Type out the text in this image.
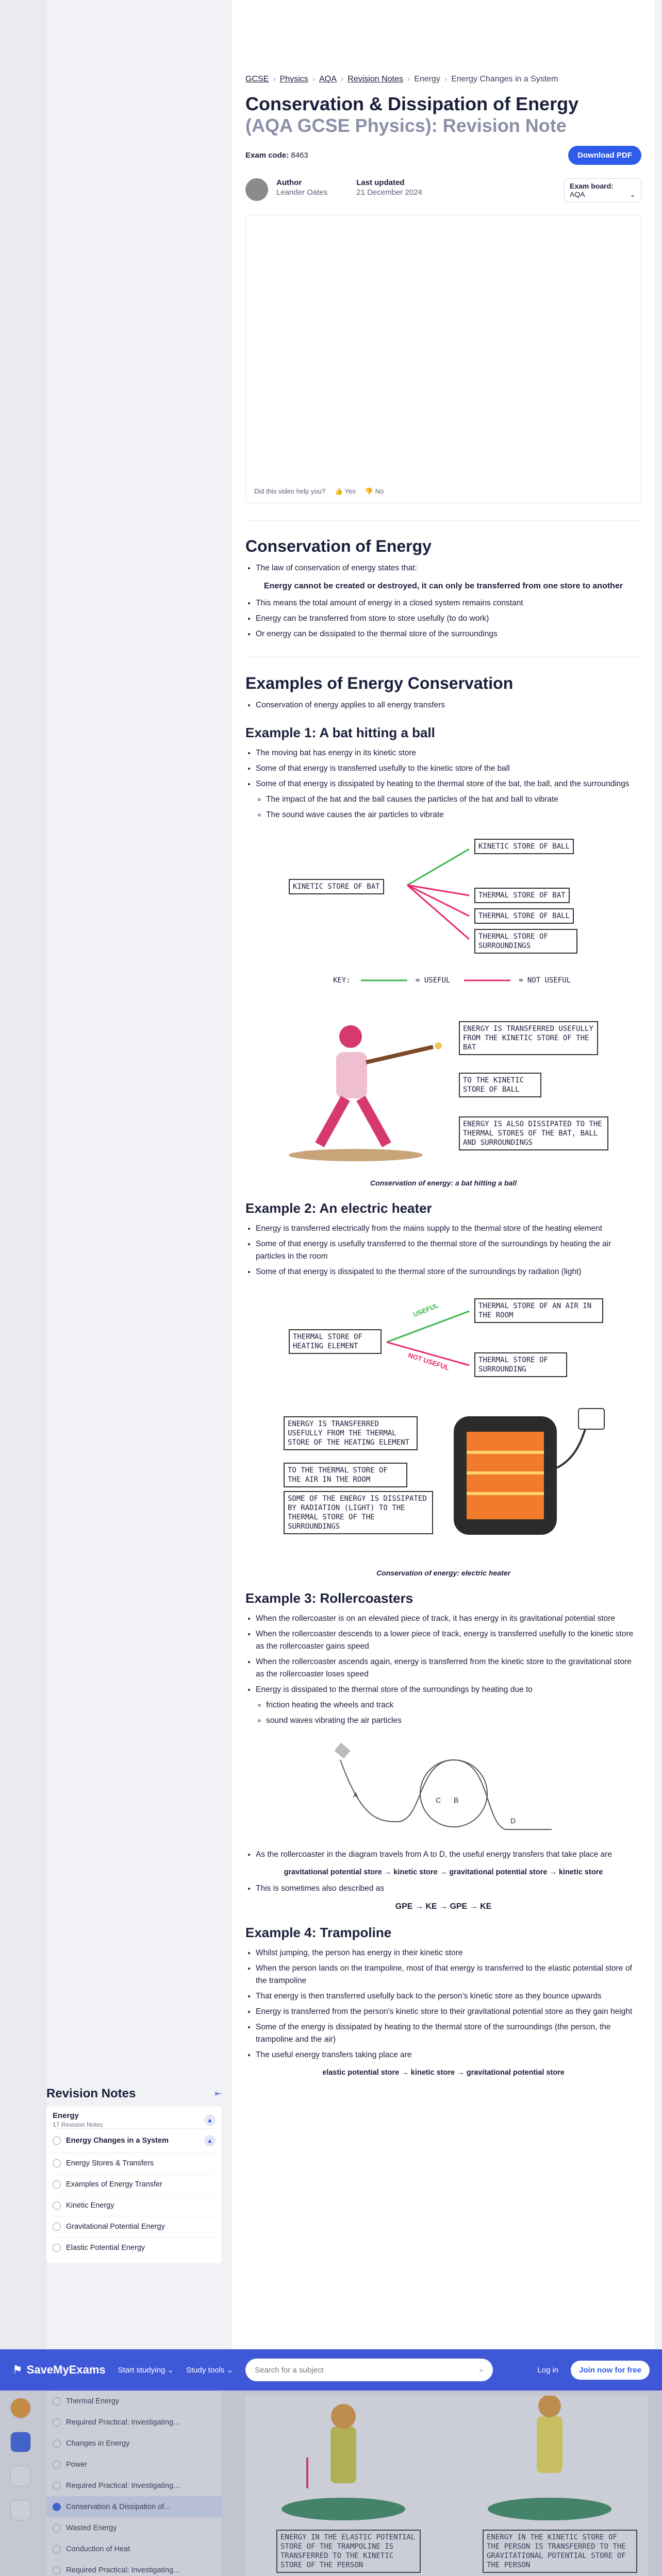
Revision Notes	⇤
Energy
17 Revision Notes
▲
Energy Changes in a System	▲
Energy Stores & Transfers
Examples of Energy Transfer
Kinetic Energy
Gravitational Potential Energy
Elastic Potential Energy
GCSE › Physics › AQA › Revision Notes › Energy › Energy Changes in a System
Conservation & Dissipation of Energy
(AQA GCSE Physics): Revision Note
Exam code: 8463	Download PDF
Author
Leander Oates
Last updated
21 December 2024
Exam board:
AQA	⌄
Did this video help you? 👍 Yes 👎 No
Conservation of Energy
• The law of conservation of energy states that:
Energy cannot be created or destroyed, it can only be transferred from one store to another
• This means the total amount of energy in a closed system remains constant
• Energy can be transferred from store to store usefully (to do work)
• Or energy can be dissipated to the thermal store of the surroundings
Examples of Energy Conservation
• Conservation of energy applies to all energy transfers
Example 1: A bat hitting a ball
• The moving bat has energy in its kinetic store
• Some of that energy is transferred usefully to the kinetic store of the ball
• Some of that energy is dissipated by heating to the thermal store of the bat, the ball, and the surroundings
◦ The impact of the bat and the ball causes the particles of the bat and ball to vibrate
◦ The sound wave causes the air particles to vibrate
KINETIC STORE OF BAT
KINETIC STORE OF BALL
THERMAL STORE OF BAT
THERMAL STORE OF BALL
THERMAL STORE OF SURROUNDINGS
KEY:	= USEFUL	= NOT USEFUL
ENERGY IS TRANSFERRED USEFULLY FROM THE KINETIC STORE OF THE BAT
TO THE KINETIC STORE OF BALL
ENERGY IS ALSO DISSIPATED TO THE THERMAL STORES OF THE BAT, BALL AND SURROUNDINGS
Conservation of energy: a bat hitting a ball
Example 2: An electric heater
• Energy is transferred electrically from the mains supply to the thermal store of the heating element
• Some of that energy is usefully transferred to the thermal store of the surroundings by heating the air particles in the room
• Some of that energy is dissipated to the thermal store of the surroundings by radiation (light)
THERMAL STORE OF HEATING ELEMENT
THERMAL STORE OF AN AIR IN THE ROOM
THERMAL STORE OF SURROUNDING
USEFUL
NOT USEFUL
ENERGY IS TRANSFERRED USEFULLY FROM THE THERMAL STORE OF THE HEATING ELEMENT
TO THE THERMAL STORE OF THE AIR IN THE ROOM
SOME OF THE ENERGY IS DISSIPATED BY RADIATION (LIGHT) TO THE THERMAL STORE OF THE SURROUNDINGS
Conservation of energy: electric heater
Example 3: Rollercoasters
• When the rollercoaster is on an elevated piece of track, it has energy in its gravitational potential store
• When the rollercoaster descends to a lower piece of track, energy is transferred usefully to the kinetic store as the rollercoaster gains speed
• When the rollercoaster ascends again, energy is transferred from the kinetic store to the gravitational store as the rollercoaster loses speed
• Energy is dissipated to the thermal store of the surroundings by heating due to
◦ friction heating the wheels and track
◦ sound waves vibrating the air particles
A
B
C
D
• As the rollercoaster in the diagram travels from A to D, the useful energy transfers that take place are
gravitational potential store → kinetic store → gravitational potential store → kinetic store
• This is sometimes also described as
GPE → KE → GPE → KE
Example 4: Trampoline
• Whilst jumping, the person has energy in their kinetic store
• When the person lands on the trampoline, most of that energy is transferred to the elastic potential store of the trampoline
• That energy is then transferred usefully back to the person's kinetic store as they bounce upwards
• Energy is transferred from the person's kinetic store to their gravitational potential store as they gain height
• Some of the energy is dissipated by heating to the thermal store of the surroundings (the person, the trampoline and the air)
• The useful energy transfers taking place are
elastic potential store → kinetic store → gravitational potential store
⚑ SaveMyExams Start studying ⌄ Study tools ⌄	Search for a subject	⌕	Log in	Join now for free
Thermal Energy
Required Practical: Investigating...
Changes in Energy
Power
Required Practical: Investigating...
Conservation & Dissipation of...
Wasted Energy
Conduction of Heat
Required Practical: Investigating...
ENERGY IN THE ELASTIC POTENTIAL STORE OF THE TRAMPOLINE IS TRANSFERRED TO THE KINETIC STORE OF THE PERSON
ENERGY IN THE KINETIC STORE OF THE PERSON IS TRANSFERRED TO THE GRAVITATIONAL POTENTIAL STORE OF THE PERSON
